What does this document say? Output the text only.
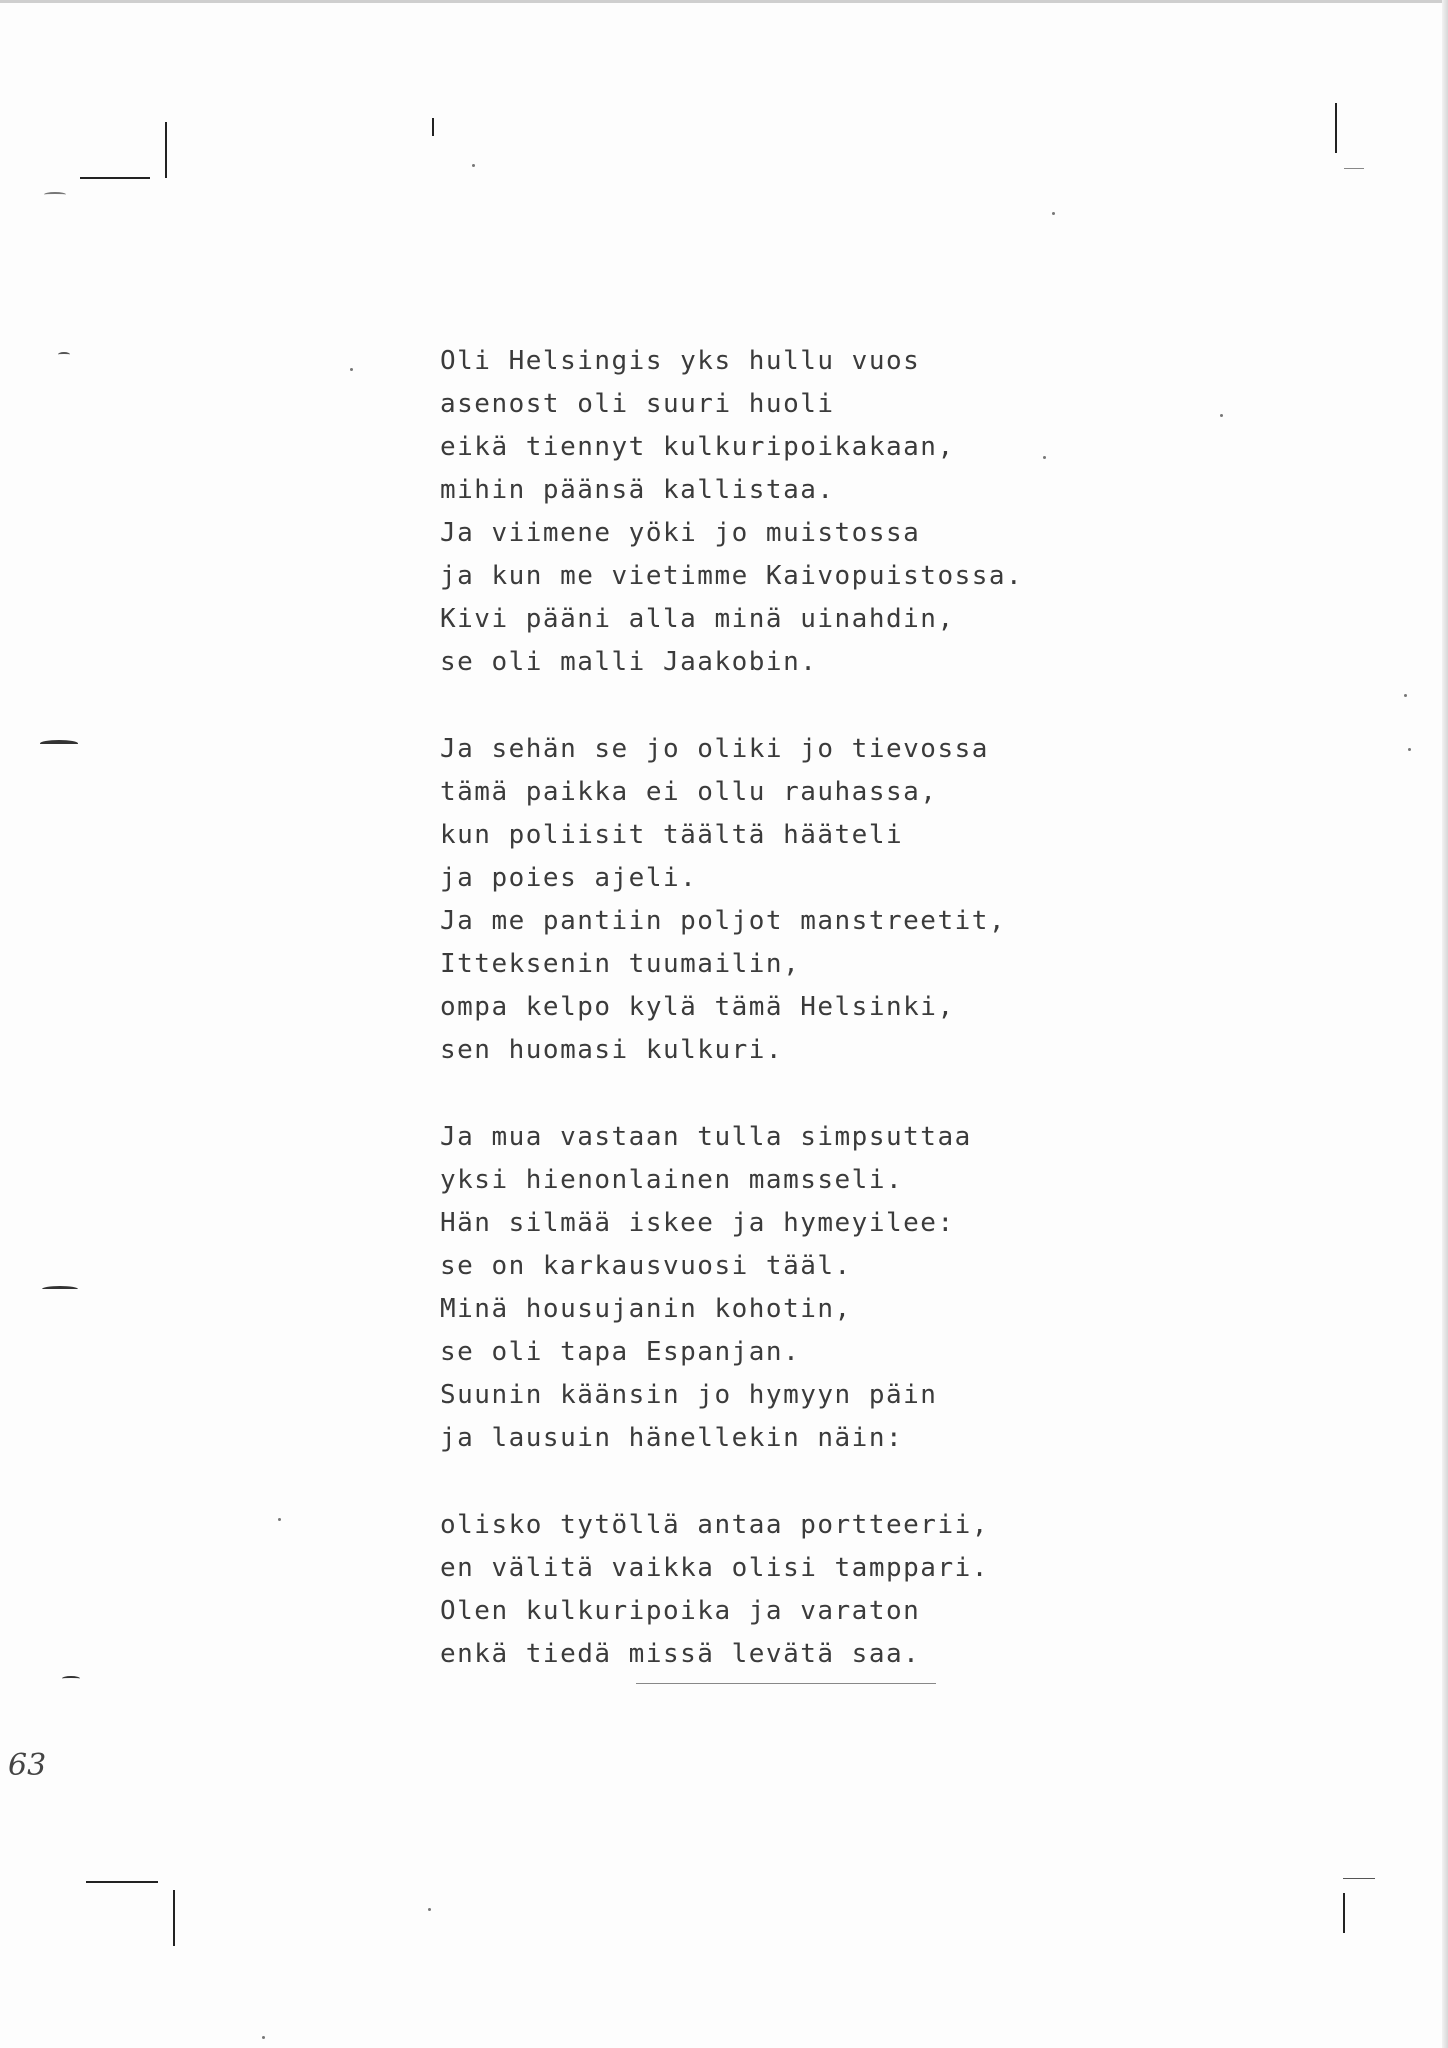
Oli Helsingis yks hullu vuos
asenost oli suuri huoli
eikä tiennyt kulkuripoikakaan,
mihin päänsä kallistaa.
Ja viimene yöki jo muistossa
ja kun me vietimme Kaivopuistossa.
Kivi pääni alla minä uinahdin,
se oli malli Jaakobin.
Ja sehän se jo oliki jo tievossa
tämä paikka ei ollu rauhassa,
kun poliisit täältä hääteli
ja poies ajeli.
Ja me pantiin poljot manstreetit,
Itteksenin tuumailin,
ompa kelpo kylä tämä Helsinki,
sen huomasi kulkuri.
Ja mua vastaan tulla simpsuttaa
yksi hienonlainen mamsseli.
Hän silmää iskee ja hymeyilee:
se on karkausvuosi tääl.
Minä housujanin kohotin,
se oli tapa Espanjan.
Suunin käänsin jo hymyyn päin
ja lausuin hänellekin näin:
olisko tytöllä antaa portteerii,
en välitä vaikka olisi tamppari.
Olen kulkuripoika ja varaton
enkä tiedä missä levätä saa.
63
